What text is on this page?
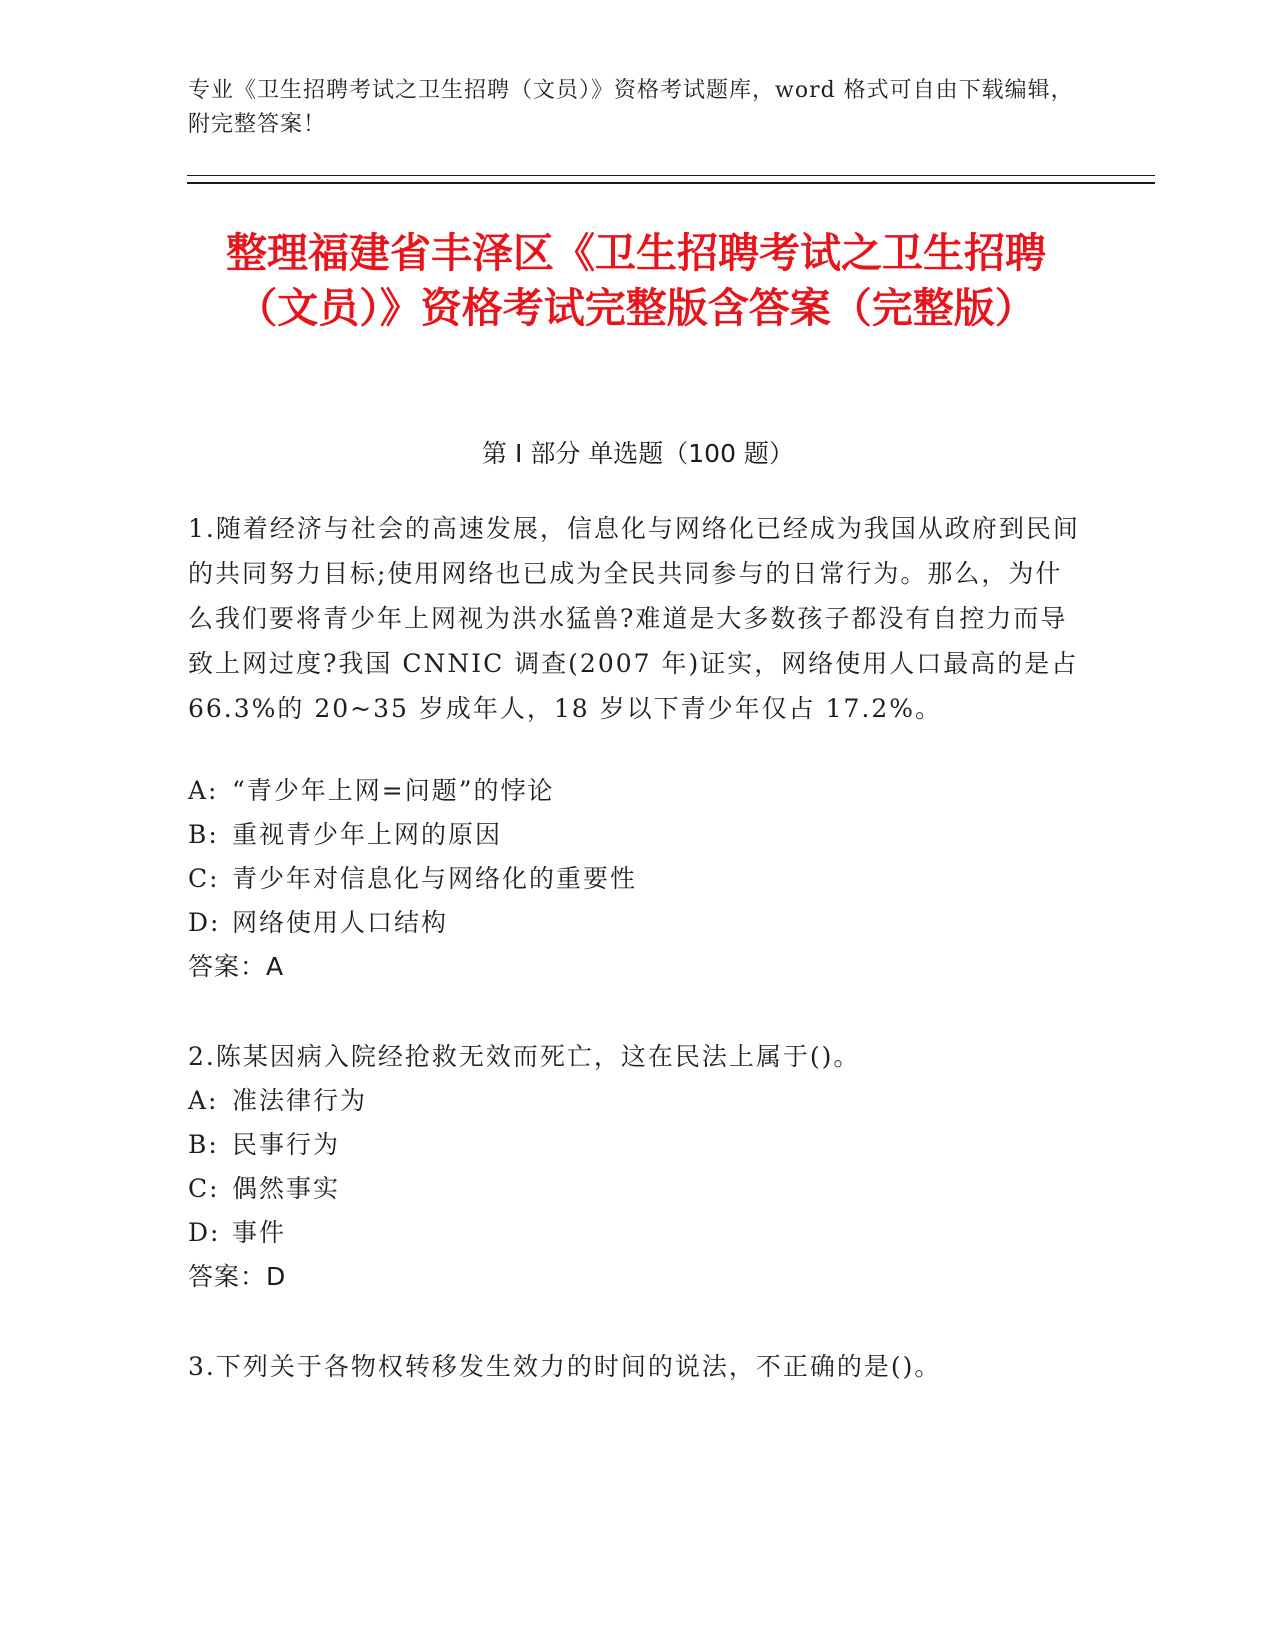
专业《卫生招聘考试之卫生招聘（文员）》资格考试题库，word 格式可自由下载编辑，附完整答案！
整理福建省丰泽区《卫生招聘考试之卫生招聘（文员）》资格考试完整版含答案（完整版）
第 I 部分 单选题（100 题）
1.随着经济与社会的高速发展，信息化与网络化已经成为我国从政府到民间的共同努力目标;使用网络也已成为全民共同参与的日常行为。那么，为什么我们要将青少年上网视为洪水猛兽?难道是大多数孩子都没有自控力而导致上网过度?我国 CNNIC 调查(2007 年)证实，网络使用人口最高的是占 66.3%的 20~35 岁成年人，18 岁以下青少年仅占 17.2%。
A: “青少年上网=问题”的悖论
B: 重视青少年上网的原因
C: 青少年对信息化与网络化的重要性
D: 网络使用人口结构
答案：A
2.陈某因病入院经抢救无效而死亡，这在民法上属于()。
A: 准法律行为
B: 民事行为
C: 偶然事实
D: 事件
答案：D
3.下列关于各物权转移发生效力的时间的说法，不正确的是()。
